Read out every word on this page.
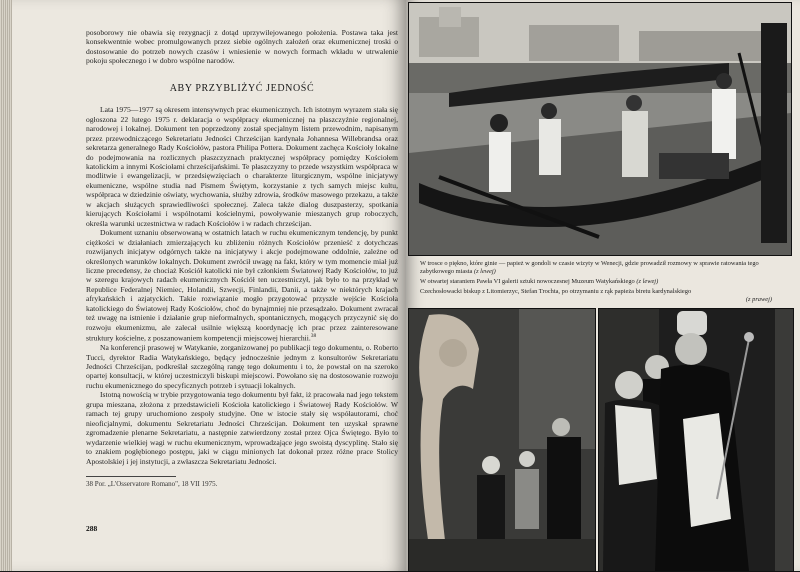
posoborowy nie obawia się rezygnacji z dotąd uprzywilejowanego położenia. Postawa taka jest konsekwentnie wobec promulgowanych przez siebie ogólnych założeń oraz ekumenicznej troski o dostosowanie do potrzeb nowych czasów i wniesienie w nowych formach wkładu w utrwalenie pokoju społecznego i w dobro wspólne narodów.

ABY PRZYBLIŻYĆ JEDNOŚĆ

Lata 1975—1977 są okresem intensywnych prac ekumenicznych. Ich istotnym wyrazem stała się ogłoszona 22 lutego 1975 r. deklaracja o współpracy ekumenicznej na płaszczyźnie regionalnej, narodowej i lokalnej. Dokument ten poprzedzony został specjalnym listem przewodnim, napisanym przez przewodniczącego Sekretariatu Jedności Chrześcijan kardynała Johannesa Willebrandsa oraz sekretarza generalnego Rady Kościołów, pastora Philipa Pottera. Dokument zachęca Kościoły lokalne do podejmowania na rozlicznych płaszczyznach praktycznej współpracy pomiędzy Kościołem katolickim a innymi Kościołami chrześcijańskimi. Te płaszczyzny to przede wszystkim współpraca w modlitwie i ewangelizacji, w przedsięwzięciach o charakterze liturgicznym, wspólne inicjatywy ekumeniczne, wspólne studia nad Pismem Świętym, korzystanie z tych samych miejsc kultu, współpraca w dziedzinie oświaty, wychowania, służby zdrowia, środków masowego przekazu, a także w akcjach służących sprawiedliwości społecznej. Zaleca także dialog duszpasterzy, spotkania kierujących Kościołami i wspólnotami kościelnymi, powoływanie mieszanych grup roboczych, określa warunki uczestnictwa w radach Kościołów i w radach chrześcijan.

Dokument uznaniu obserwowaną w ostatnich latach w ruchu ekumenicznym tendencję, by punkt ciężkości w działaniach zmierzających ku zbliżeniu różnych Kościołów przenieść z dotychczas rozwijanych inicjatyw odgórnych także na inicjatywy i akcje podejmowane oddolnie, zależne od określonych warunków lokalnych. Dokument zwrócił uwagę na fakt, który w tym momencie miał już liczne precedensy, że chociaż Kościół katolicki nie był członkiem Światowej Rady Kościołów, to już w szeregu krajowych radach ekumenicznych Kościół ten uczestniczył, jak było to na przykład w Republice Federalnej Niemiec, Holandii, Szwecji, Finlandii, Danii, a także w niektórych krajach afrykańskich i azjatyckich. Takie rozwiązanie mogło przygotować przyszłe wejście Kościoła katolickiego do Światowej Rady Kościołów, choć do bynajmniej nie przesądzało. Dokument zwracał też uwagę na istnienie i działanie grup nieformalnych, spontanicznych, mogących przyczynić się do rozwoju ekumenizmu, ale zalecał usilnie większą koordynację ich prac przez zainteresowane struktury kościelne, z poszanowaniem kompetencji miejscowej hierarchii.$^{38}$

Na konferencji prasowej w Watykanie, zorganizowanej po publikacji tego dokumentu, o. Roberto Tucci, dyrektor Radia Watykańskiego, będący jednocześnie jednym z konsultorów Sekretariatu Jedności Chrześcijan, podkreślał szczególną rangę tego dokumentu i to, że powstał on na szeroko opartej konsultacji, w której uczestniczyli biskupi miejscowi. Powołano się na dostosowanie rozwoju ruchu ekumenicznego do specyficznych potrzeb i sytuacji lokalnych.

Istotną nowością w trybie przygotowania tego dokumentu był fakt, iż pracowała nad jego tekstem grupa mieszana, złożona z przedstawicieli Kościoła katolickiego i Światowej Rady Kościołów. W ramach tej grupy uruchomiono zespoły studyjne. One w istocie stały się współautorami, choć nieoficjalnymi, dokumentu Sekretariatu Jedności Chrześcijan. Dokument ten uzyskał sprawne zgromadzenie plenarne Sekretariatu, a następnie zatwierdzony został przez Ojca Świętego. Było to wydarzenie wielkiej wagi w ruchu ekumenicznym, wprowadzające jego swoistą dyscyplinę. Stało się to znakiem pogłębionego postępu, jaki w ciągu minionych lat dokonał przez różne prace Stolicy Apostolskiej i jej instytucji, a zwłaszcza Sekretariatu Jedności.

38 Por. „L'Osservatore Romano", 18 VII 1975.

288
W trosce o piękno, które ginie — papież w gondoli w czasie wizyty w Wenecji, gdzie prowadził rozmowy w sprawie ratowania tego zabytkowego miasta (z lewej)
W otwartej staraniem Pawła VI galerii sztuki nowoczesnej Muzeum Watykańskiego (z lewej)
Czechosłowacki biskup z Litomierzyc, Stefan Trochta, po otrzymaniu z rąk papieża biretu kardynalskiego
(z prawej)
